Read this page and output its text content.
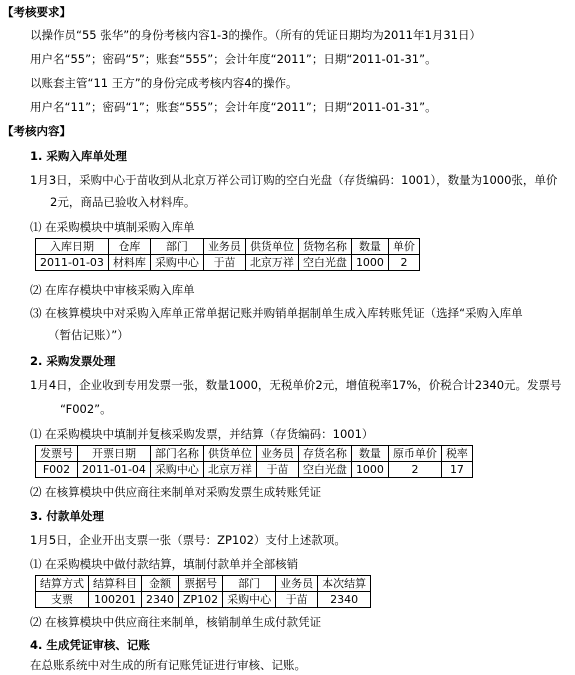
【考核要求】
以操作员“55 张华”的身份考核内容1-3的操作。（所有的凭证日期均为2011年1月31日）
用户名“55”；密码“5”；账套“555”；会计年度“2011”；日期“2011-01-31”。
以账套主管“11 王方”的身份完成考核内容4的操作。
用户名“11”；密码“1”；账套“555”；会计年度“2011”；日期“2011-01-31”。
【考核内容】
1. 采购入库单处理
1月3日，采购中心于苗收到从北京万祥公司订购的空白光盘（存货编码：1001），数量为1000张，单价
2元，商品已验收入材料库。
⑴ 在采购模块中填制采购入库单
入库日期	仓库	部门	业务员	供货单位	货物名称	数量	单价
2011-01-03	材料库	采购中心	于苗	北京万祥	空白光盘	1000	2
⑵ 在库存模块中审核采购入库单
⑶ 在核算模块中对采购入库单正常单据记账并购销单据制单生成入库转账凭证（选择“采购入库单
（暂估记账）”）
2. 采购发票处理
1月4日，企业收到专用发票一张，数量1000，无税单价2元，增值税率17%，价税合计2340元。发票号
“F002”。
⑴ 在采购模块中填制并复核采购发票，并结算（存货编码：1001）
发票号	开票日期	部门名称	供货单位	业务员	存货名称	数量	原币单价	税率
F002	2011-01-04	采购中心	北京万祥	于苗	空白光盘	1000	2	17
⑵ 在核算模块中供应商往来制单对采购发票生成转账凭证
3. 付款单处理
1月5日，企业开出支票一张（票号：ZP102）支付上述款项。
⑴ 在采购模块中做付款结算，填制付款单并全部核销
结算方式	结算科目	金额	票据号	部门	业务员	本次结算
支票	100201	2340	ZP102	采购中心	于苗	2340
⑵ 在核算模块中供应商往来制单，核销制单生成付款凭证
4. 生成凭证审核、记账
在总账系统中对生成的所有记账凭证进行审核、记账。
